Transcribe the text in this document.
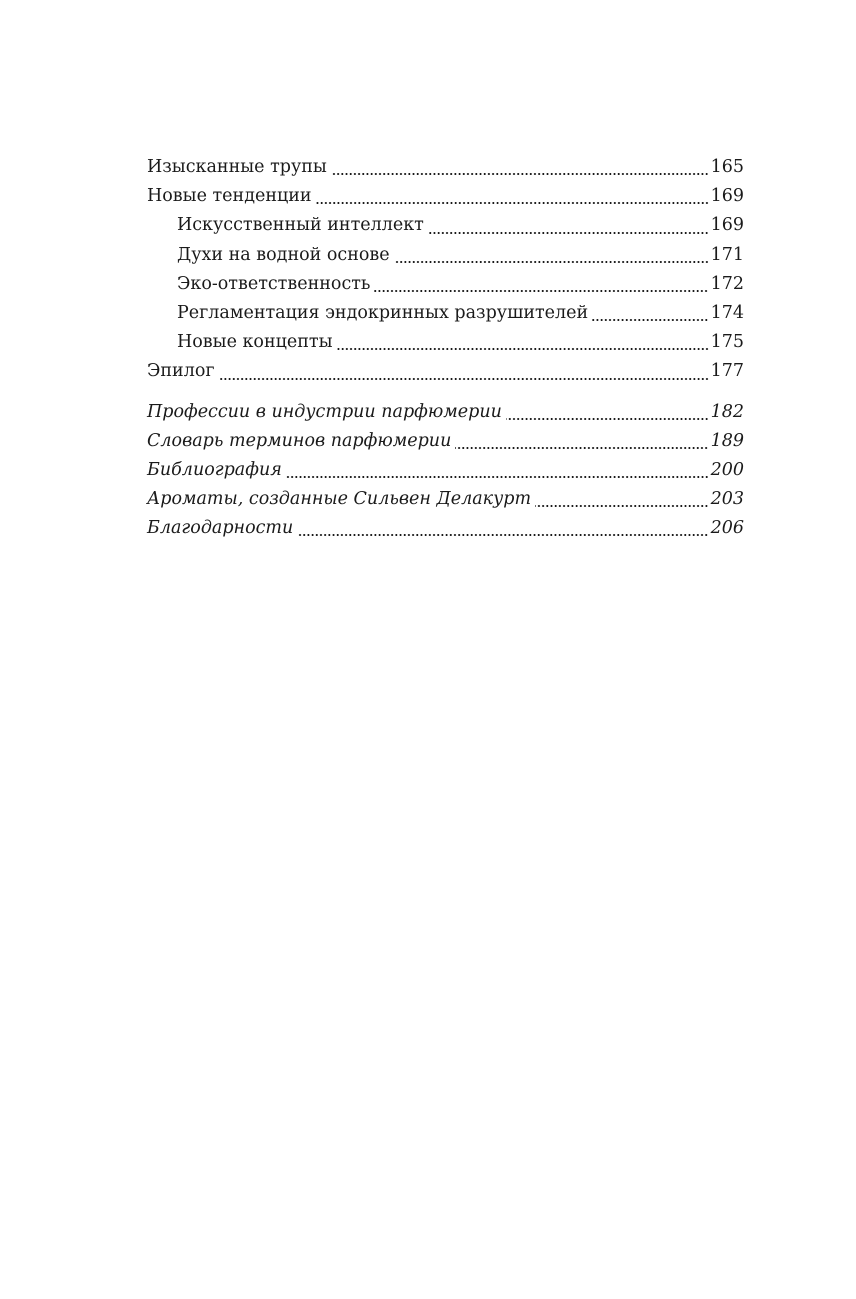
Изысканные трупы	165
Новые тенденции	169
Искусственный интеллект	169
Духи на водной основе	171
Эко-ответственность	172
Регламентация эндокринных разрушителей	174
Новые концепты	175
Эпилог	177
Профессии в индустрии парфюмерии	182
Словарь терминов парфюмерии	189
Библиография	200
Ароматы, созданные Сильвен Делакурт	203
Благодарности	206
